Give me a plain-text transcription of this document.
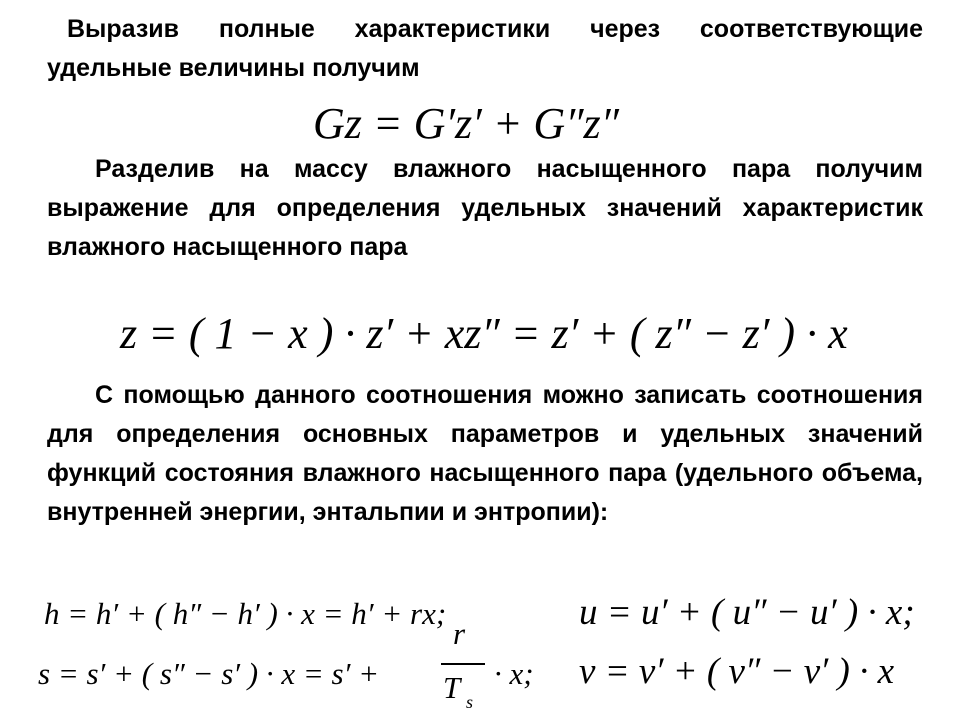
Выразив полные характеристики через соответствующие удельные величины получим

Gz = G′z′ + G″z″

Разделив на массу влажного насыщенного пара получим выражение для определения удельных значений характеристик влажного насыщенного пара

z = ( 1 − x ) · z′ + xz″ = z′ + ( z″ − z′ ) · x

С помощью данного соотношения можно записать соотношения для определения основных параметров и удельных значений функций состояния влажного насыщенного пара (удельного объема, внутренней энергии, энтальпии и энтропии):

h = h′ + ( h″ − h′ ) · x = h′ + rx;	u = u′ + ( u″ − u′ ) · x;
v = v′ + ( v″ − v′ ) · x
s = s′ + ( s″ − s′ ) · x = s′ +
r
T s
· x;
